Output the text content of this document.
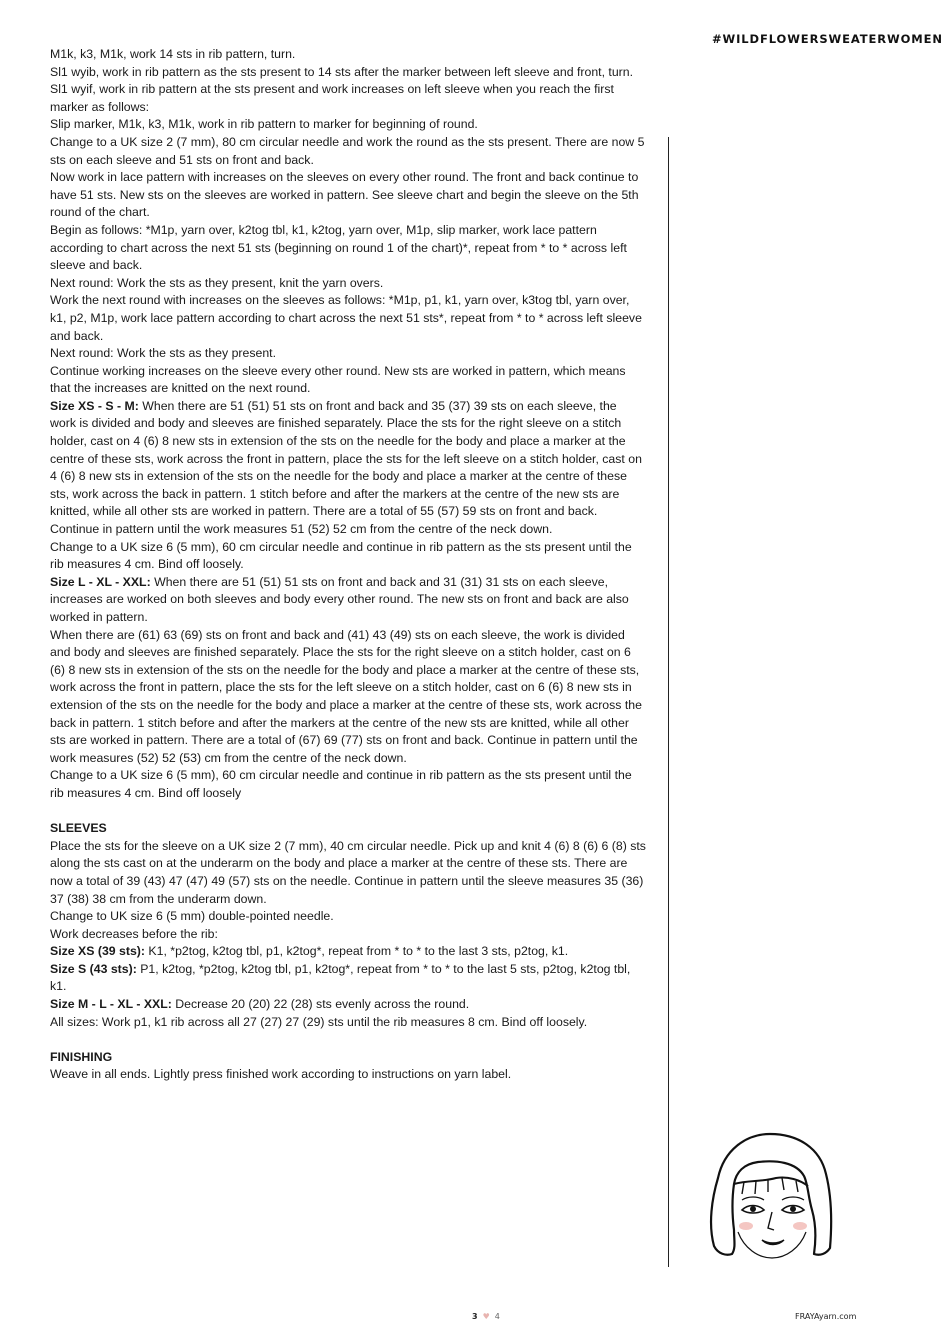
#WILDFLOWERSWEATERWOMEN

M1k, k3, M1k, work 14 sts in rib pattern, turn.

Sl1 wyib, work in rib pattern as the sts present to 14 sts after the marker between left sleeve and front, turn.

Sl1 wyif, work in rib pattern at the sts present and work increases on left sleeve when you reach the first marker as follows:

Slip marker, M1k, k3, M1k, work in rib pattern to marker for beginning of round.

Change to a UK size 2 (7 mm), 80 cm circular needle and work the round as the sts present. There are now 5 sts on each sleeve and 51 sts on front and back.

Now work in lace pattern with increases on the sleeves on every other round. The front and back continue to have 51 sts. New sts on the sleeves are worked in pattern. See sleeve chart and begin the sleeve on the 5th round of the chart.

Begin as follows: *M1p, yarn over, k2tog tbl, k1, k2tog, yarn over, M1p, slip marker, work lace pattern according to chart across the next 51 sts (beginning on round 1 of the chart)*, repeat from * to * across left sleeve and back.

Next round: Work the sts as they present, knit the yarn overs.

Work the next round with increases on the sleeves as follows: *M1p, p1, k1, yarn over, k3tog tbl, yarn over, k1, p2, M1p, work lace pattern according to chart across the next 51 sts*, repeat from * to * across left sleeve and back.

Next round: Work the sts as they present.

Continue working increases on the sleeve every other round. New sts are worked in pattern, which means that the increases are knitted on the next round.

Size XS - S - M: When there are 51 (51) 51 sts on front and back and 35 (37) 39 sts on each sleeve, the work is divided and body and sleeves are finished separately. Place the sts for the right sleeve on a stitch holder, cast on 4 (6) 8 new sts in extension of the sts on the needle for the body and place a marker at the centre of these sts, work across the front in pattern, place the sts for the left sleeve on a stitch holder, cast on 4 (6) 8 new sts in extension of the sts on the needle for the body and place a marker at the centre of these sts, work across the back in pattern. 1 stitch before and after the markers at the centre of the new sts are knitted, while all other sts are worked in pattern. There are a total of 55 (57) 59 sts on front and back. Continue in pattern until the work measures 51 (52) 52 cm from the centre of the neck down.

Change to a UK size 6 (5 mm), 60 cm circular needle and continue in rib pattern as the sts present until the rib measures 4 cm. Bind off loosely.

Size L - XL - XXL: When there are 51 (51) 51 sts on front and back and 31 (31) 31 sts on each sleeve, increases are worked on both sleeves and body every other round. The new sts on front and back are also worked in pattern.

When there are (61) 63 (69) sts on front and back and (41) 43 (49) sts on each sleeve, the work is divided and body and sleeves are finished separately. Place the sts for the right sleeve on a stitch holder, cast on 6 (6) 8 new sts in extension of the sts on the needle for the body and place a marker at the centre of these sts, work across the front in pattern, place the sts for the left sleeve on a stitch holder, cast on 6 (6) 8 new sts in extension of the sts on the needle for the body and place a marker at the centre of these sts, work across the back in pattern. 1 stitch before and after the markers at the centre of the new sts are knitted, while all other sts are worked in pattern. There are a total of (67) 69 (77) sts on front and back. Continue in pattern until the work measures (52) 52 (53) cm from the centre of the neck down.

Change to a UK size 6 (5 mm), 60 cm circular needle and continue in rib pattern as the sts present until the rib measures 4 cm. Bind off loosely

SLEEVES

Place the sts for the sleeve on a UK size 2 (7 mm), 40 cm circular needle. Pick up and knit 4 (6) 8 (6) 6 (8) sts along the sts cast on at the underarm on the body and place a marker at the centre of these sts. There are now a total of 39 (43) 47 (47) 49 (57) sts on the needle. Continue in pattern until the sleeve measures 35 (36) 37 (38) 38 cm from the underarm down.

Change to UK size 6 (5 mm) double-pointed needle.

Work decreases before the rib:

Size XS (39 sts): K1, *p2tog, k2tog tbl, p1, k2tog*, repeat from * to * to the last 3 sts, p2tog, k1.

Size S (43 sts): P1, k2tog, *p2tog, k2tog tbl, p1, k2tog*, repeat from * to * to the last 5 sts, p2tog, k2tog tbl, k1.

Size M - L - XL - XXL: Decrease 20 (20) 22 (28) sts evenly across the round.

All sizes: Work p1, k1 rib across all 27 (27) 27 (29) sts until the rib measures 8 cm. Bind off loosely.

FINISHING

Weave in all ends. Lightly press finished work according to instructions on yarn label.

3 ♥ 4	FRAYAyarn.com
